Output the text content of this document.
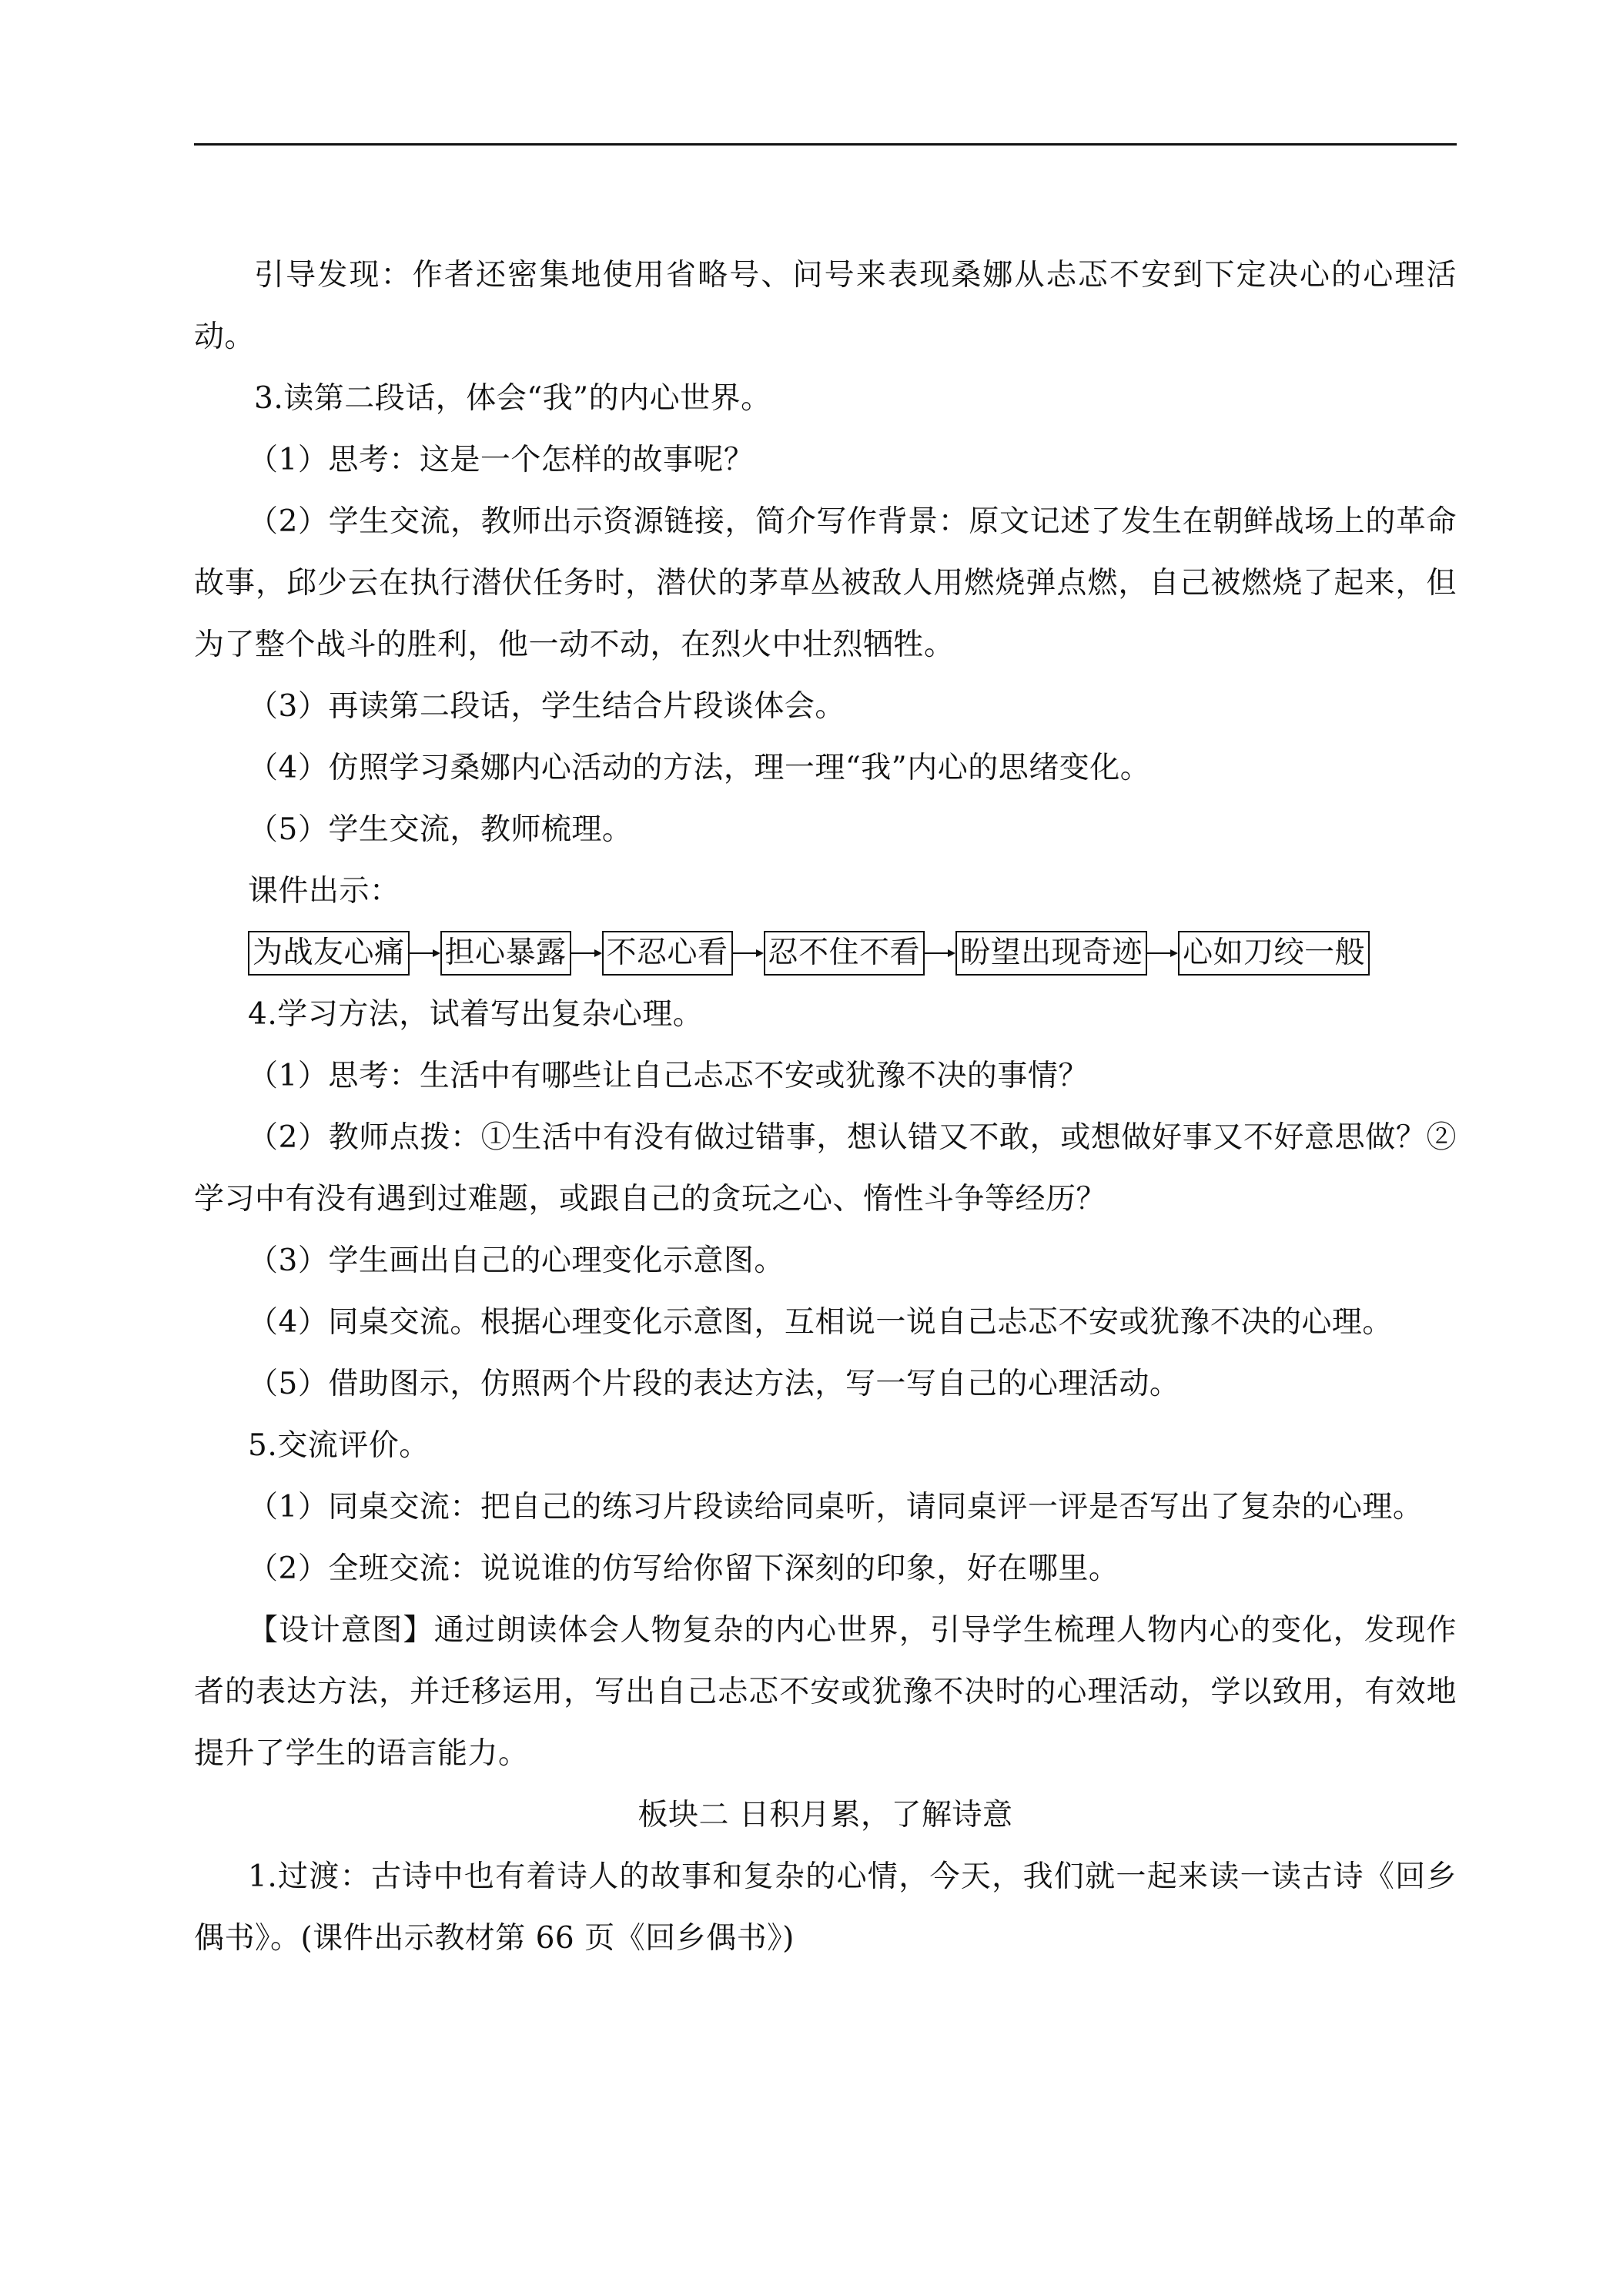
引导发现：作者还密集地使用省略号、问号来表现桑娜从忐忑不安到下定决心的心理活动。

3.读第二段话，体会“我”的内心世界。

（1）思考：这是一个怎样的故事呢？

（2）学生交流，教师出示资源链接，简介写作背景：原文记述了发生在朝鲜战场上的革命故事，邱少云在执行潜伏任务时，潜伏的茅草丛被敌人用燃烧弹点燃，自己被燃烧了起来，但为了整个战斗的胜利，他一动不动，在烈火中壮烈牺牲。

（3）再读第二段话，学生结合片段谈体会。

（4）仿照学习桑娜内心活动的方法，理一理“我”内心的思绪变化。

（5）学生交流，教师梳理。

课件出示：

为战友心痛 担心暴露 不忍心看 忍不住不看 盼望出现奇迹 心如刀绞一般

4.学习方法，试着写出复杂心理。

（1）思考：生活中有哪些让自己忐忑不安或犹豫不决的事情？

（2）教师点拨：①生活中有没有做过错事，想认错又不敢，或想做好事又不好意思做？②学习中有没有遇到过难题，或跟自己的贪玩之心、惰性斗争等经历？

（3）学生画出自己的心理变化示意图。

（4）同桌交流。根据心理变化示意图，互相说一说自己忐忑不安或犹豫不决的心理。

（5）借助图示，仿照两个片段的表达方法，写一写自己的心理活动。

5.交流评价。

（1）同桌交流：把自己的练习片段读给同桌听，请同桌评一评是否写出了复杂的心理。

（2）全班交流：说说谁的仿写给你留下深刻的印象，好在哪里。

【设计意图】通过朗读体会人物复杂的内心世界，引导学生梳理人物内心的变化，发现作者的表达方法，并迁移运用，写出自己忐忑不安或犹豫不决时的心理活动，学以致用，有效地提升了学生的语言能力。

板块二 日积月累，了解诗意

1.过渡：古诗中也有着诗人的故事和复杂的心情，今天，我们就一起来读一读古诗《回乡偶书》。(课件出示教材第 66 页《回乡偶书》)
